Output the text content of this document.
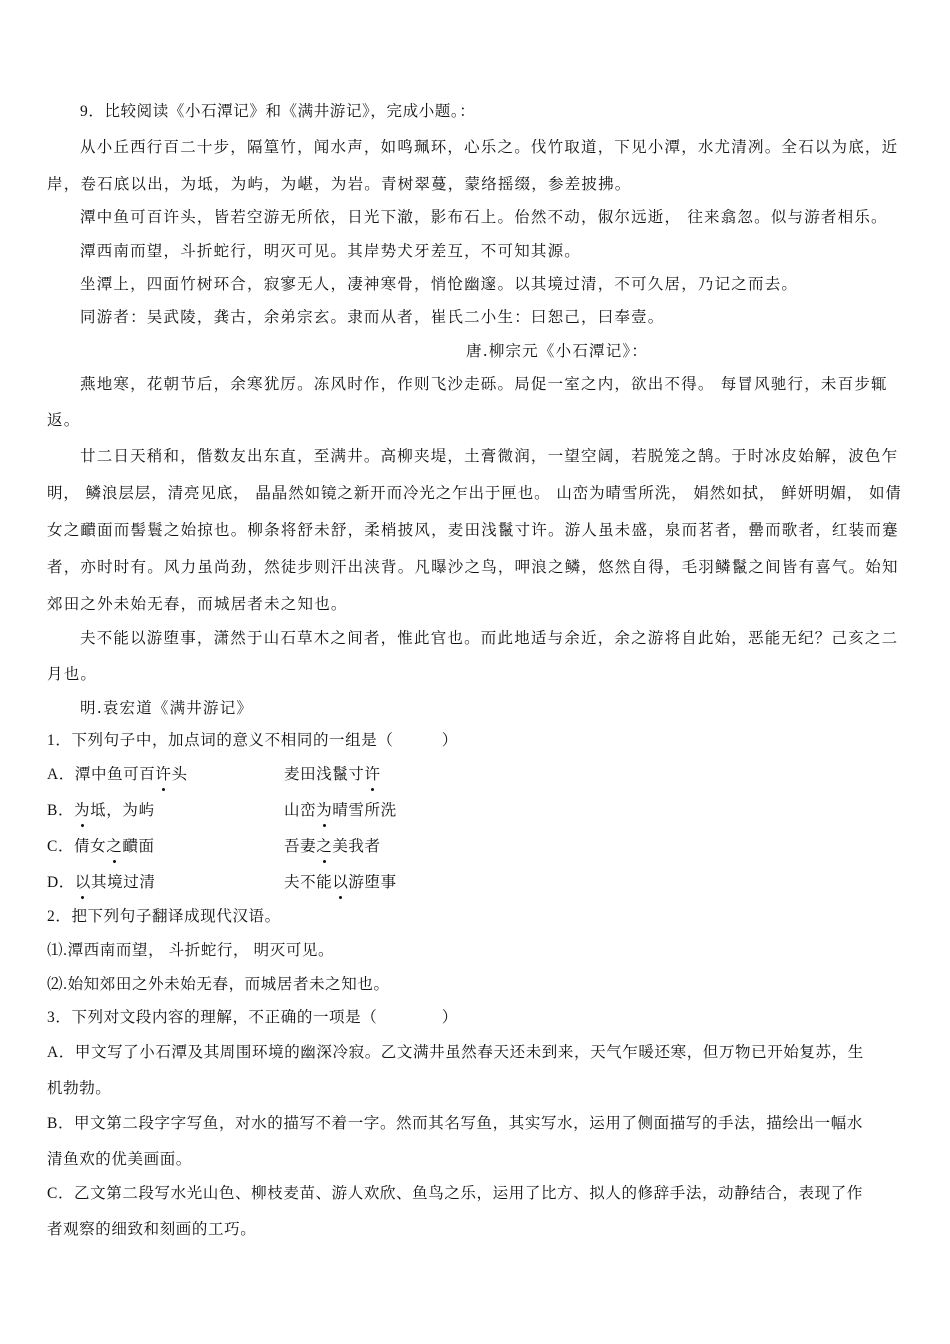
9．比较阅读《小石潭记》和《满井游记》，完成小题。：
从小丘西行百二十步，隔篁竹，闻水声，如鸣珮环，心乐之。伐竹取道，下见小潭，水尤清冽。全石以为底，近
岸，卷石底以出，为坻，为屿，为嵁，为岩。青树翠蔓，蒙络摇缀，参差披拂。
潭中鱼可百许头，皆若空游无所依，日光下澈，影布石上。佁然不动，俶尔远逝， 往来翕忽。似与游者相乐。
潭西南而望，斗折蛇行，明灭可见。其岸势犬牙差互，不可知其源。
坐潭上，四面竹树环合，寂寥无人，凄神寒骨，悄怆幽邃。以其境过清，不可久居，乃记之而去。
同游者：吴武陵，龚古，余弟宗玄。隶而从者，崔氏二小生：曰恕己，曰奉壹。
唐.柳宗元《小石潭记》：
燕地寒，花朝节后，余寒犹厉。冻风时作，作则飞沙走砾。局促一室之内，欲出不得。 每冒风驰行，未百步辄
返。
廿二日天稍和，偕数友出东直，至满井。高柳夹堤，土膏微润，一望空阔，若脱笼之鹄。于时冰皮始解，波色乍
明， 鳞浪层层，清亮见底， 晶晶然如镜之新开而冷光之乍出于匣也。 山峦为晴雪所洗， 娟然如拭， 鲜妍明媚， 如倩
女之靧面而髻鬟之始掠也。柳条将舒未舒，柔梢披风，麦田浅鬣寸许。游人虽未盛，泉而茗者，罍而歌者，红装而蹇
者，亦时时有。风力虽尚劲，然徒步则汗出浃背。凡曝沙之鸟，呷浪之鳞，悠然自得，毛羽鳞鬣之间皆有喜气。始知
郊田之外未始无春，而城居者未之知也。
夫不能以游堕事，潇然于山石草木之间者，惟此官也。而此地适与余近，余之游将自此始，恶能无纪？己亥之二
月也。
明.袁宏道《满井游记》
1．下列句子中，加点词的意义不相同的一组是（　　　）
A．潭中鱼可百许头	麦田浅鬣寸许
B．为坻，为屿	山峦为晴雪所洗
C．倩女之靧面	吾妻之美我者
D．以其境过清	夫不能以游堕事
2．把下列句子翻译成现代汉语。
⑴.潭西南而望， 斗折蛇行， 明灭可见。
⑵.始知郊田之外未始无春，而城居者未之知也。
3．下列对文段内容的理解，不正确的一项是（　　　　）
A．甲文写了小石潭及其周围环境的幽深冷寂。乙文满井虽然春天还未到来，天气乍暖还寒，但万物已开始复苏，生
机勃勃。
B．甲文第二段字字写鱼，对水的描写不着一字。然而其名写鱼，其实写水，运用了侧面描写的手法，描绘出一幅水
清鱼欢的优美画面。
C．乙文第二段写水光山色、柳枝麦苗、游人欢欣、鱼鸟之乐，运用了比方、拟人的修辞手法，动静结合，表现了作
者观察的细致和刻画的工巧。
